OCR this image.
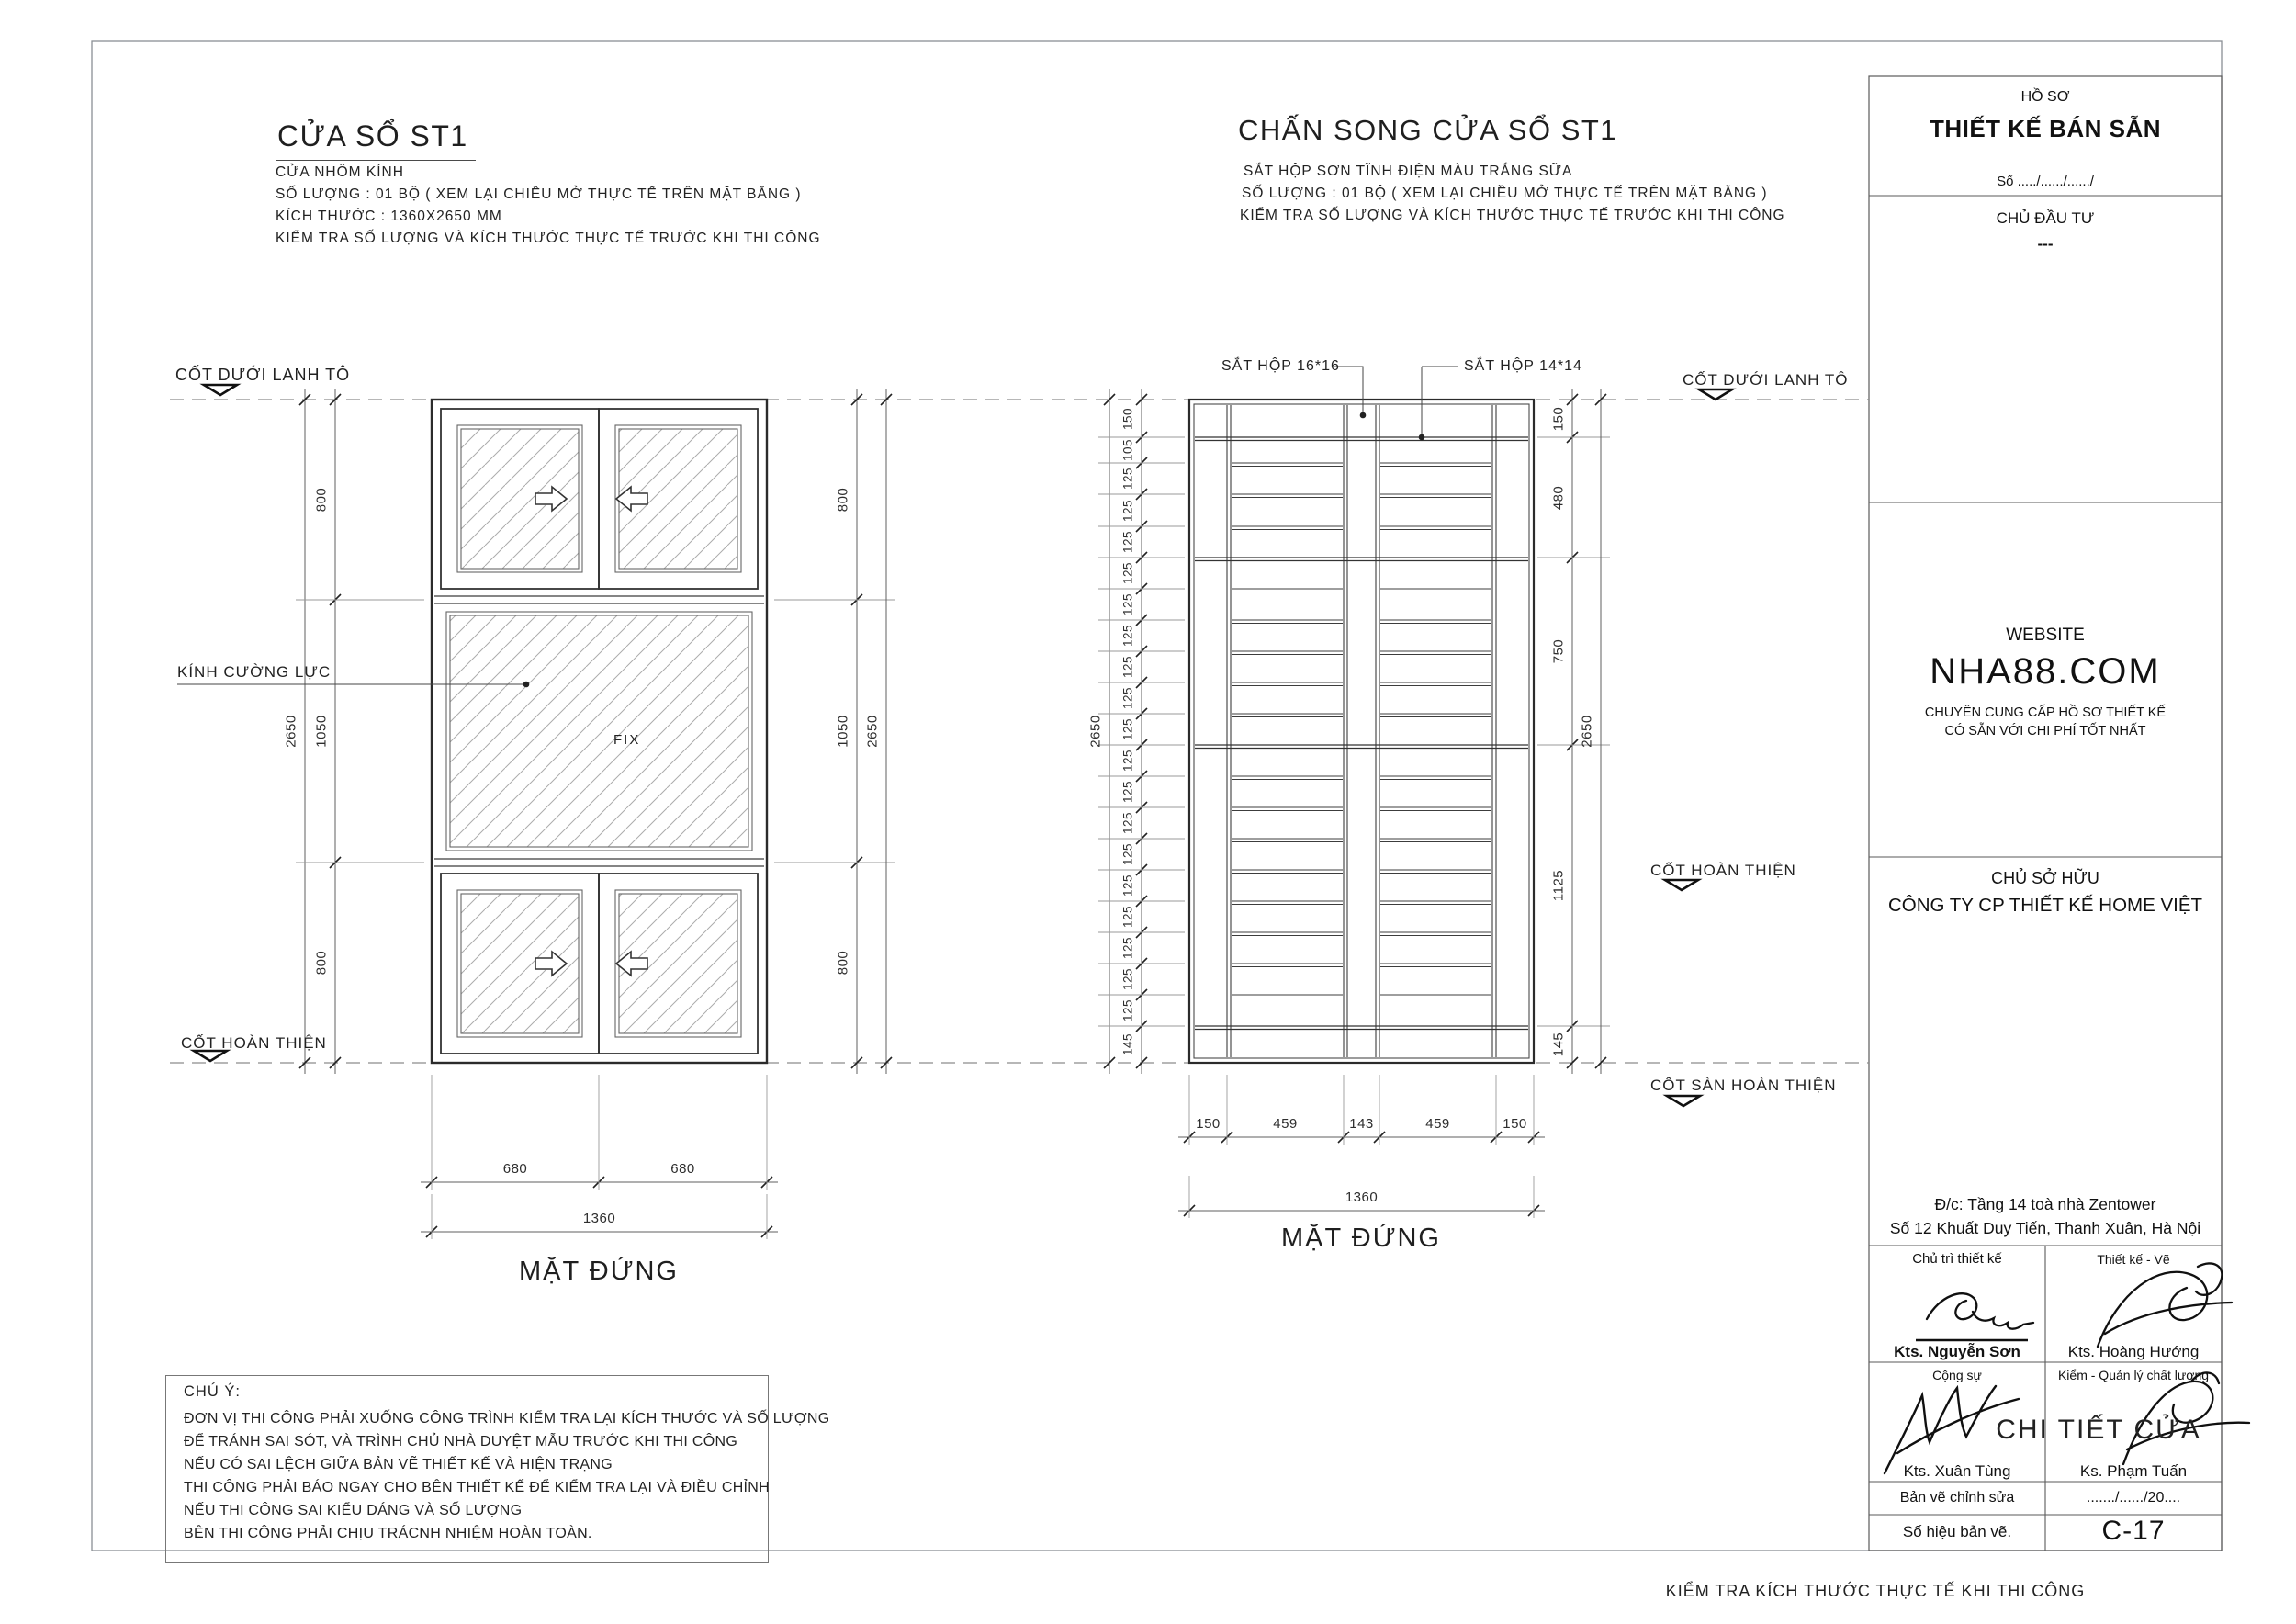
CỬA SỔ ST1
CỬA NHÔM KÍNH
SỐ LƯỢNG : 01 BỘ ( XEM LẠI CHIỀU MỞ THỰC TẾ TRÊN MẶT BẰNG )
KÍCH THƯỚC : 1360X2650 MM
KIỂM TRA SỐ LƯỢNG VÀ KÍCH THƯỚC THỰC TẾ TRƯỚC KHI THI CÔNG
CHẤN SONG CỬA SỔ ST1
SẮT HỘP SƠN TĨNH ĐIỆN MÀU TRẮNG SỮA
SỐ LƯỢNG : 01 BỘ ( XEM LẠI CHIỀU MỞ THỰC TẾ TRÊN MẶT BẰNG )
KIỂM TRA SỐ LƯỢNG VÀ KÍCH THƯỚC THỰC TẾ TRƯỚC KHI THI CÔNG
CỐT DƯỚI LANH TÔ
KÍNH CƯỜNG LỰC
CỐT HOÀN THIỆN
FIX
MẶT ĐỨNG
SẮT HỘP 16*16	SẮT HỘP 14*14
CỐT DƯỚI LANH TÔ
CỐT HOÀN THIỆN
CỐT SÀN HOÀN THIỆN
MẶT ĐỨNG
CHÚ Ý:
ĐƠN VỊ THI CÔNG PHẢI XUỐNG CÔNG TRÌNH KIỂM TRA LẠI KÍCH THƯỚC VÀ SỐ LƯỢNG
ĐỂ TRÁNH SAI SÓT, VÀ TRÌNH CHỦ NHÀ DUYỆT MẪU TRƯỚC KHI THI CÔNG
NẾU CÓ SAI LỆCH GIỮA BẢN VẼ THIẾT KẾ VÀ HIỆN TRẠNG
THI CÔNG PHẢI BÁO NGAY CHO BÊN THIẾT KẾ ĐỂ KIỂM TRA LẠI VÀ ĐIỀU CHỈNH
NẾU THI CÔNG SAI KIỂU DÁNG VÀ SỐ LƯỢNG
BÊN THI CÔNG PHẢI CHỊU TRÁCNH NHIỆM HOÀN TOÀN.
HỒ SƠ
THIẾT KẾ BÁN SẴN
Số ...../....../....../
CHỦ ĐẦU TƯ
---
WEBSITE
NHA88.COM
CHUYÊN CUNG CẤP HỒ SƠ THIẾT KẾ
CÓ SẴN VỚI CHI PHÍ TỐT NHẤT
CHỦ SỞ HỮU
CÔNG TY CP THIẾT KẾ HOME VIỆT
Đ/c: Tầng 14 toà nhà Zentower
Số 12 Khuất Duy Tiến, Thanh Xuân, Hà Nội
Chủ trì thiết kế	Thiết kế - Vẽ
Kts. Nguyễn Sơn	Kts. Hoàng Hướng
Cộng sự	Kiểm - Quản lý chất lượng
CHI TIẾT CỬA
Kts. Xuân Tùng	Ks. Phạm Tuấn
Bản vẽ chỉnh sửa	......./....../20....
Số hiệu bản vẽ.	C-17
KIỂM TRA KÍCH THƯỚC THỰC TẾ KHI THI CÔNG
2650
800
1050
800
800
1050
800
2650	2650
150
105
125
125
125
125
125
125
125
125
125
125
125
125
125
125
125
125
125
125
145
150
480
750
1125
145
2650
680	680
1360
150	459	143	459	150
1360
